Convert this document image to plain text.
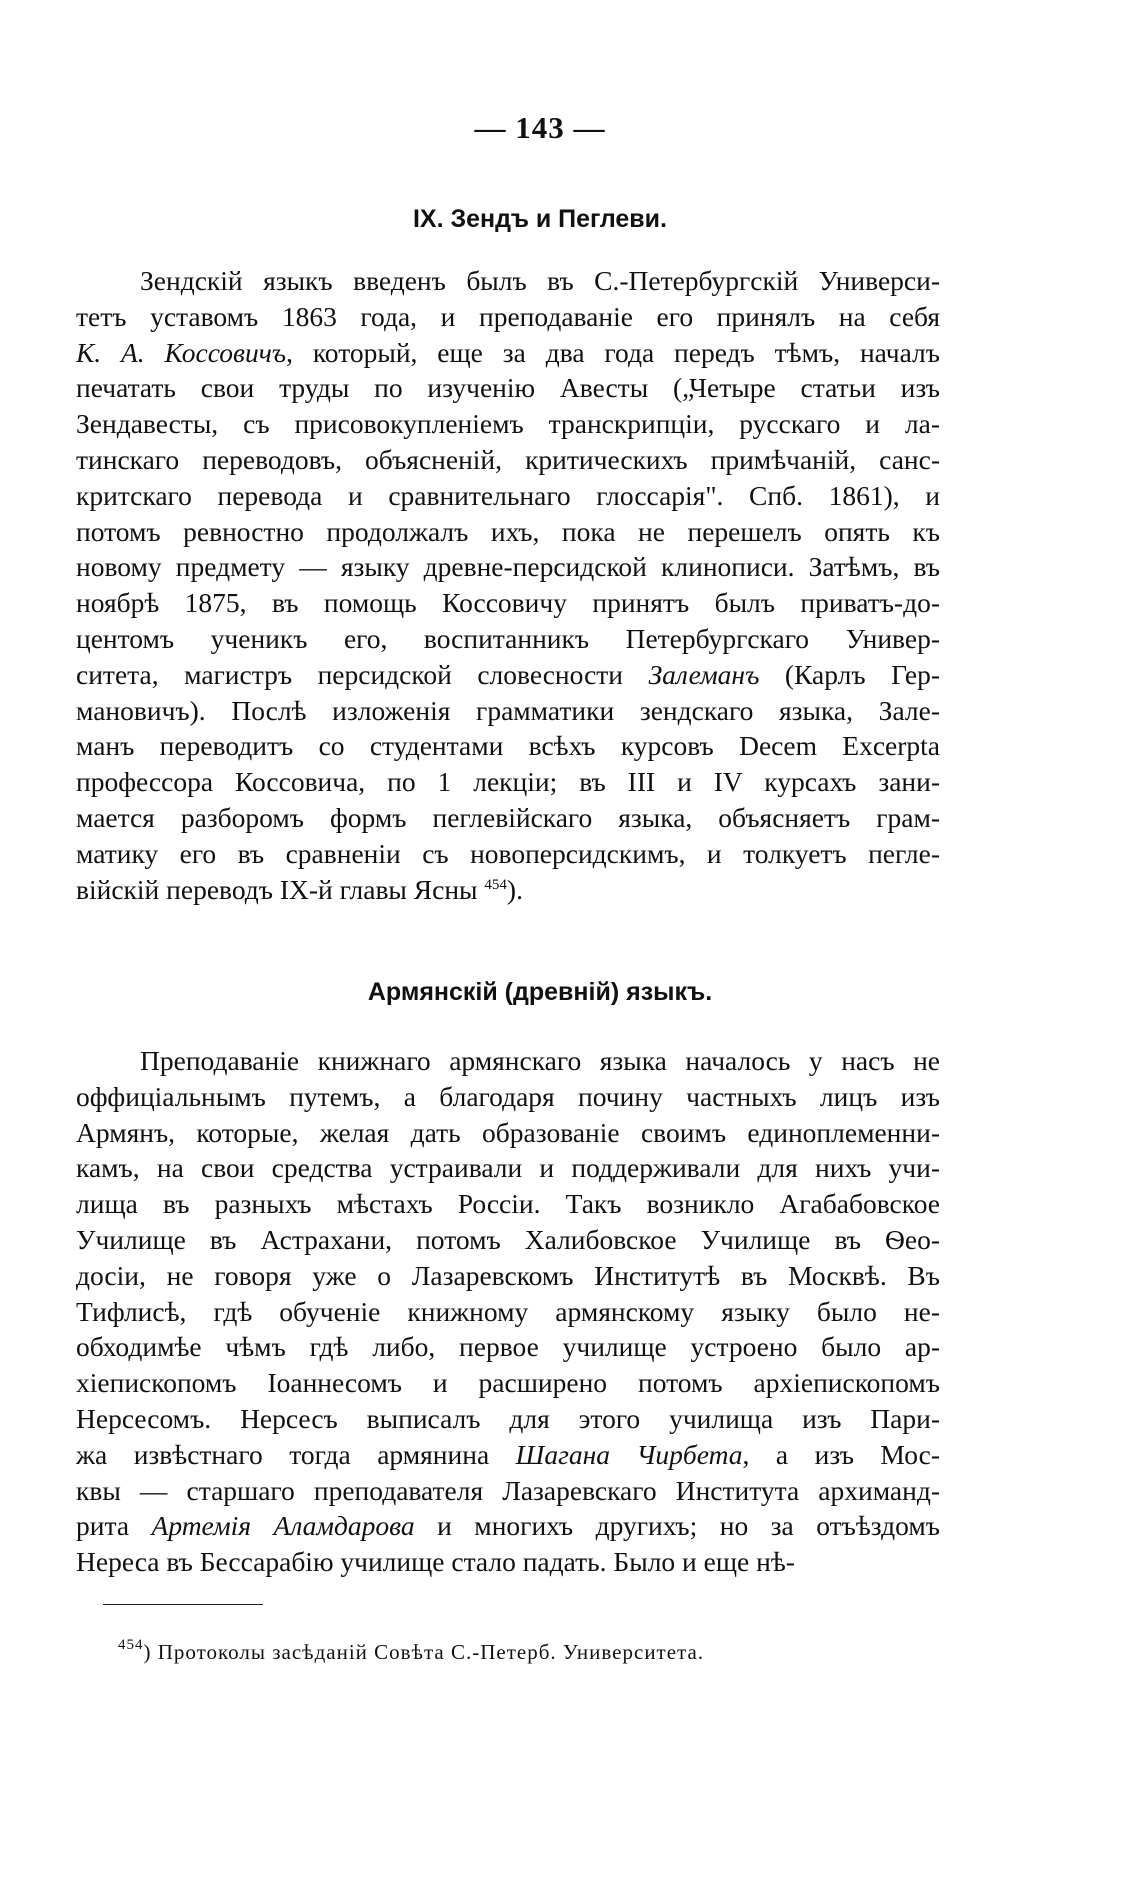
— 143 —
IX. Зендъ и Пеглеви.
Зендскій языкъ введенъ былъ въ С.-Петербургскій Универси-
тетъ уставомъ 1863 года, и преподаваніе его принялъ на себя
К. А. Коссовичъ, который, еще за два года передъ тѣмъ, началъ
печатать свои труды по изученію Авесты („Четыре статьи изъ
Зендавесты, съ присовокупленіемъ транскрипціи, русскаго и ла-
тинскаго переводовъ, объясненій, критическихъ примѣчаній, санс-
критскаго перевода и сравнительнаго глоссарія". Спб. 1861), и
потомъ ревностно продолжалъ ихъ, пока не перешелъ опять къ
новому предмету — языку древне-персидской клинописи. Затѣмъ, въ
ноябрѣ 1875, въ помощь Коссовичу принятъ былъ приватъ-до-
центомъ ученикъ его, воспитанникъ Петербургскаго Универ-
ситета, магистръ персидской словесности Залеманъ (Карлъ Гер-
мановичъ). Послѣ изложенія грамматики зендскаго языка, Зале-
манъ переводитъ со студентами всѣхъ курсовъ Decem Excerpta
профессора Коссовича, по 1 лекціи; въ III и IV курсахъ зани-
мается разборомъ формъ пеглевійскаго языка, объясняетъ грам-
матику его въ сравненіи съ новоперсидскимъ, и толкуетъ пегле-
війскій переводъ IX-й главы Ясны $^{454}$).
Армянскій (древній) языкъ.
Преподаваніе книжнаго армянскаго языка началось у насъ не
оффиціальнымъ путемъ, а благодаря почину частныхъ лицъ изъ
Армянъ, которые, желая дать образованіе своимъ единоплеменни-
камъ, на свои средства устраивали и поддерживали для нихъ учи-
лища въ разныхъ мѣстахъ Россіи. Такъ возникло Агабабовское
Училище въ Астрахани, потомъ Халибовское Училище въ Ѳео-
досіи, не говоря уже о Лазаревскомъ Институтѣ въ Москвѣ. Въ
Тифлисѣ, гдѣ обученіе книжному армянскому языку было не-
обходимѣе чѣмъ гдѣ либо, первое училище устроено было ар-
хіепископомъ Іоаннесомъ и расширено потомъ архіепископомъ
Нерсесомъ. Нерсесъ выписалъ для этого училища изъ Пари-
жа извѣстнаго тогда армянина Шагана Чирбета, а изъ Мос-
квы — старшаго преподавателя Лазаревскаго Института архиманд-
рита Артемія Аламдарова и многихъ другихъ; но за отъѣздомъ
Нереса въ Бессарабію училище стало падать. Было и еще нѣ-
$^{454}$) Протоколы засѣданій Совѣта С.-Петерб. Университета.
